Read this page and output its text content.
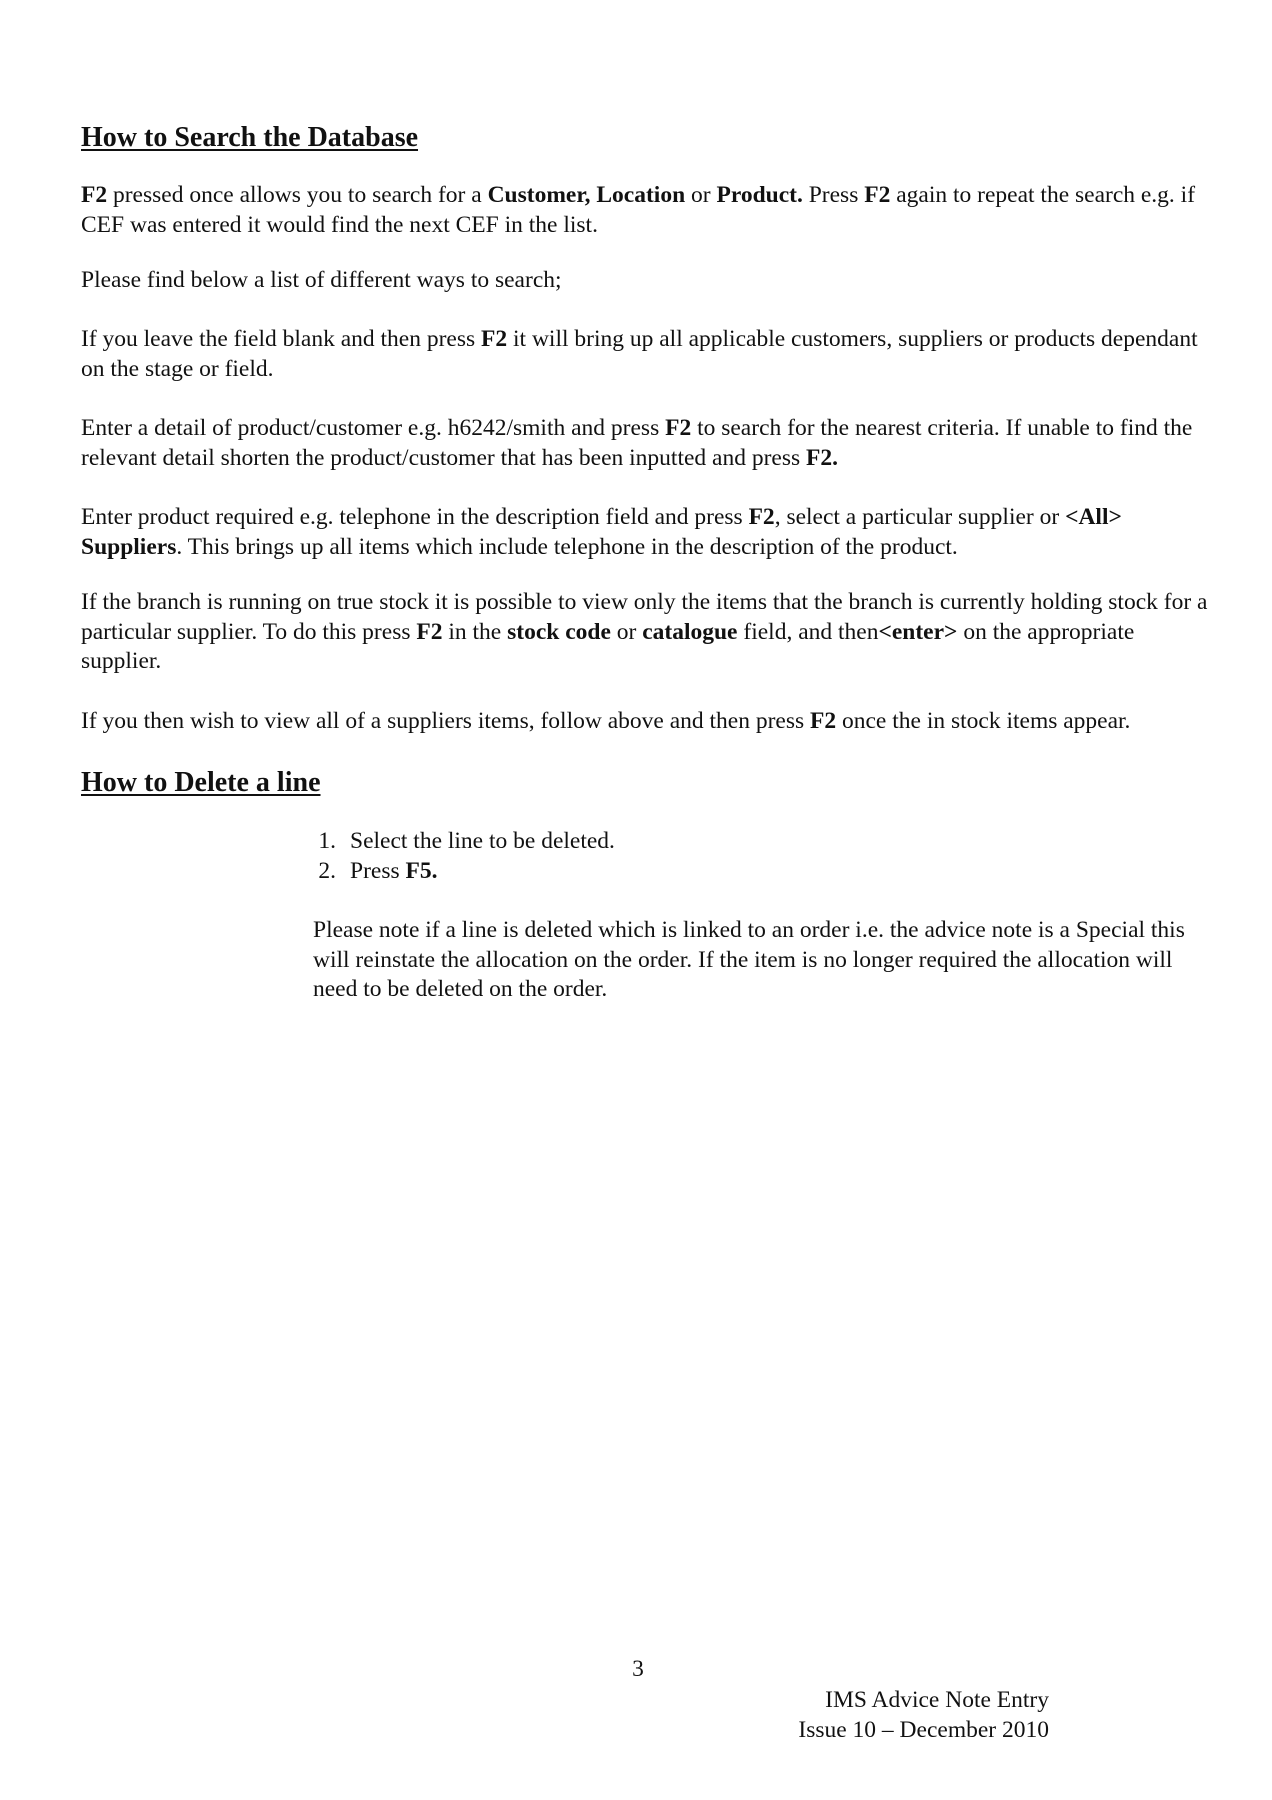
How to Search the Database

F2 pressed once allows you to search for a Customer, Location or Product. Press F2 again to repeat the search e.g. if CEF was entered it would find the next CEF in the list.

Please find below a list of different ways to search;

If you leave the field blank and then press F2 it will bring up all applicable customers, suppliers or products dependant on the stage or field.

Enter a detail of product/customer e.g. h6242/smith and press F2 to search for the nearest criteria. If unable to find the relevant detail shorten the product/customer that has been inputted and press F2.

Enter product required e.g. telephone in the description field and press F2, select a particular supplier or <All> Suppliers. This brings up all items which include telephone in the description of the product.

If the branch is running on true stock it is possible to view only the items that the branch is currently holding stock for a particular supplier. To do this press F2 in the stock code or catalogue field, and then<enter> on the appropriate supplier.

If you then wish to view all of a suppliers items, follow above and then press F2 once the in stock items appear.

How to Delete a line
1. Select the line to be deleted.
2. Press F5.

Please note if a line is deleted which is linked to an order i.e. the advice note is a Special this will reinstate the allocation on the order. If the item is no longer required the allocation will need to be deleted on the order.

3
IMS Advice Note Entry
Issue 10 – December 2010
